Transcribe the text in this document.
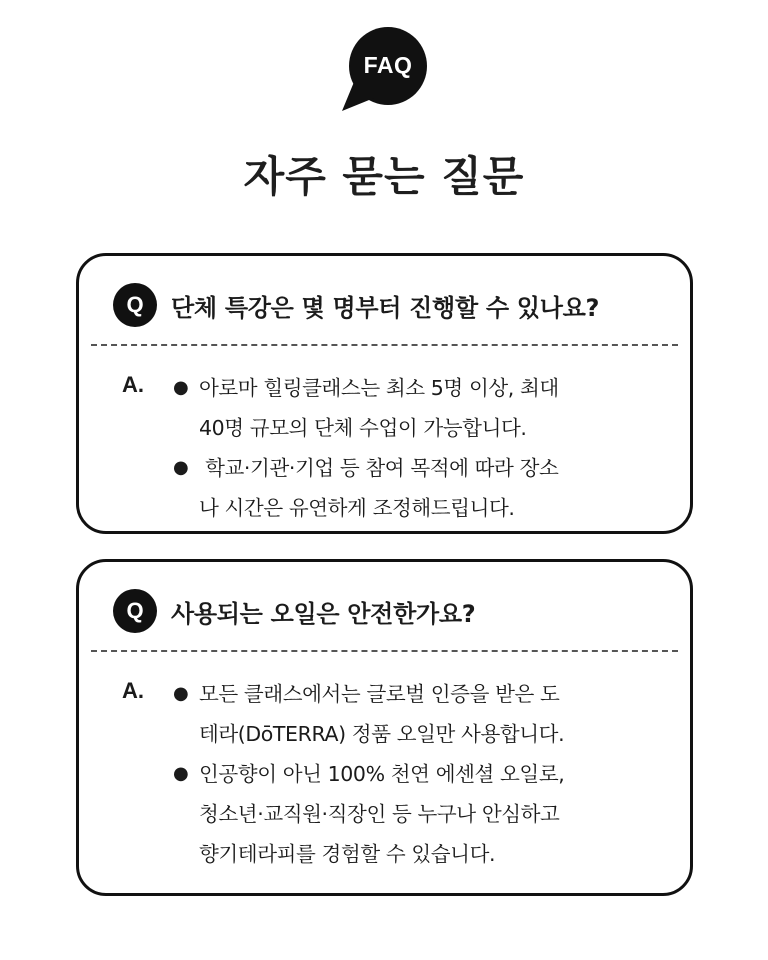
FAQ
자주 묻는 질문
Q	단체 특강은 몇 명부터 진행할 수 있나요?
A. ● 아로마 힐링클래스는 최소 5명 이상, 최대
40명 규모의 단체 수업이 가능합니다.
● 학교·기관·기업 등 참여 목적에 따라 장소
나 시간은 유연하게 조정해드립니다.
Q	사용되는 오일은 안전한가요?
A. ● 모든 클래스에서는 글로벌 인증을 받은 도
테라(DōTERRA) 정품 오일만 사용합니다.
● 인공향이 아닌 100% 천연 에센셜 오일로,
청소년·교직원·직장인 등 누구나 안심하고
향기테라피를 경험할 수 있습니다.
